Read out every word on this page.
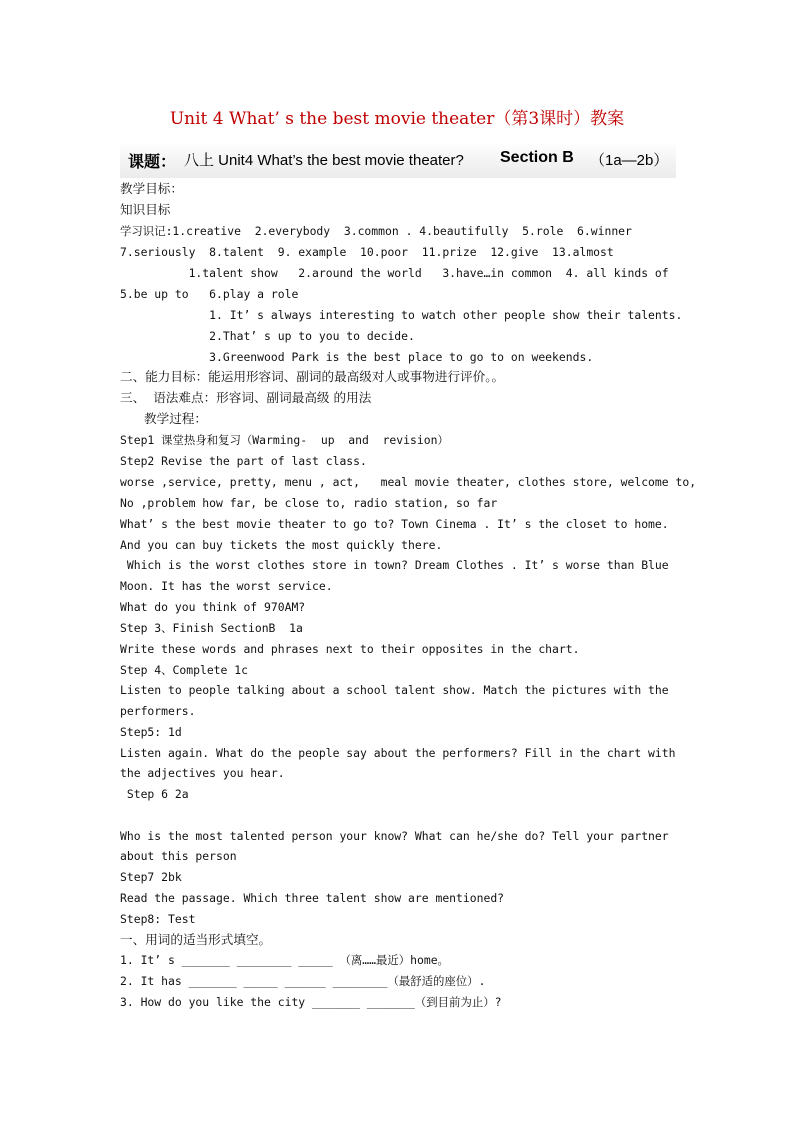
Unit 4 What’ s the best movie theater（第3课时）教案
课题： 八上 Unit4 What’s the best movie theater? Section B （1a—2b）
教学目标：
知识目标
学习识记:1.creative  2.everybody  3.common . 4.beautifully  5.role  6.winner
7.seriously  8.talent  9. example  10.poor  11.prize  12.give  13.almost
1.talent show   2.around the world   3.have…in common  4. all kinds of
5.be up to   6.play a role
1. It’ s always interesting to watch other people show their talents.
2.That’ s up to you to decide.
3.Greenwood Park is the best place to go to on weekends.
二、能力目标：能运用形容词、副词的最高级对人或事物进行评价。。
三、  语法难点：形容词、副词最高级 的用法
教学过程：
Step1 课堂热身和复习（Warming-  up  and  revision）
Step2 Revise the part of last class.
worse ,service, pretty, menu , act,   meal movie theater, clothes store, welcome to,
No ,problem how far, be close to, radio station, so far
What’ s the best movie theater to go to? Town Cinema . It’ s the closet to home.
And you can buy tickets the most quickly there.
Which is the worst clothes store in town? Dream Clothes . It’ s worse than Blue
Moon. It has the worst service.
What do you think of 970AM?
Step 3、Finish SectionB  1a
Write these words and phrases next to their opposites in the chart.
Step 4、Complete 1c
Listen to people talking about a school talent show. Match the pictures with the
performers.
Step5: 1d
Listen again. What do the people say about the performers? Fill in the chart with
the adjectives you hear.
Step 6 2a
Who is the most talented person your know? What can he/she do? Tell your partner
about this person
Step7 2bk
Read the passage. Which three talent show are mentioned?
Step8: Test
一、用词的适当形式填空。
1. It’ s _______ ________ _____ （离……最近）home。
2. It has _______ _____ ______ ________（最舒适的座位）.
3. How do you like the city _______ _______（到目前为止）?
